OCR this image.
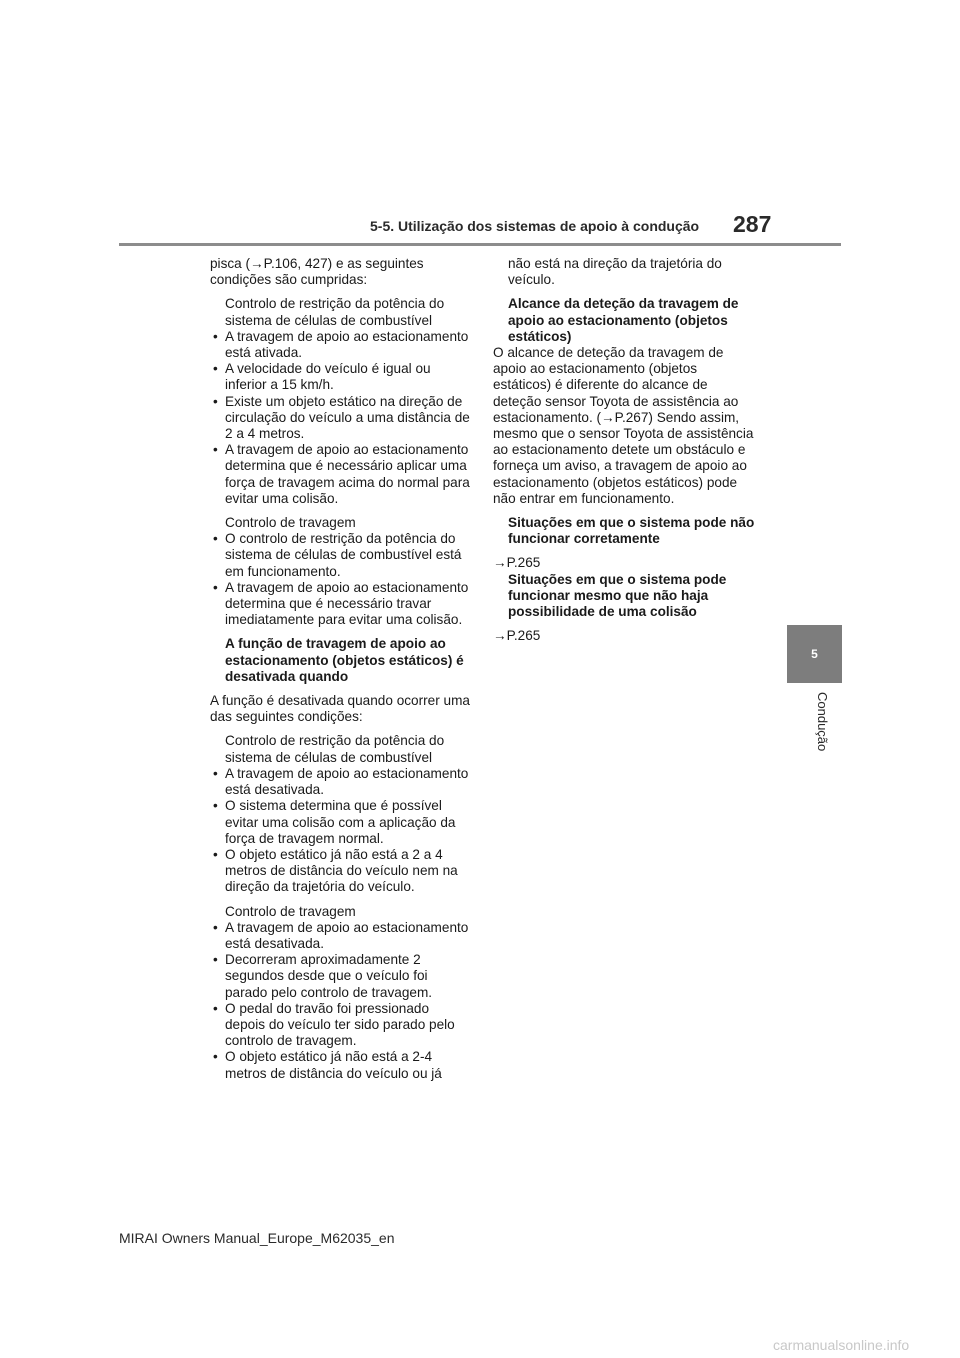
5-5. Utilização dos sistemas de apoio à condução 287
5
Condução

pisca (→P.106, 427) e as seguintes condições são cumpridas:

Controlo de restrição da potência do sistema de células de combustível

• A travagem de apoio ao estacionamento está ativada.
• A velocidade do veículo é igual ou inferior a 15 km/h.
• Existe um objeto estático na direção de circulação do veículo a uma distância de 2 a 4 metros.
• A travagem de apoio ao estacionamento determina que é necessário aplicar uma força de travagem acima do normal para evitar uma colisão.

Controlo de travagem

• O controlo de restrição da potência do sistema de células de combustível está em funcionamento.
• A travagem de apoio ao estacionamento determina que é necessário travar imediatamente para evitar uma colisão.

A função de travagem de apoio ao estacionamento (objetos estáticos) é desativada quando

A função é desativada quando ocorrer uma das seguintes condições:

Controlo de restrição da potência do sistema de células de combustível

• A travagem de apoio ao estacionamento está desativada.
• O sistema determina que é possível evitar uma colisão com a aplicação da força de travagem normal.
• O objeto estático já não está a 2 a 4 metros de distância do veículo nem na direção da trajetória do veículo.

Controlo de travagem

• A travagem de apoio ao estacionamento está desativada.
• Decorreram aproximadamente 2 segundos desde que o veículo foi parado pelo controlo de travagem.
• O pedal do travão foi pressionado depois do veículo ter sido parado pelo controlo de travagem.
• O objeto estático já não está a 2-4 metros de distância do veículo ou já

não está na direção da trajetória do veículo.

Alcance da deteção da travagem de apoio ao estacionamento (objetos estáticos)

O alcance de deteção da travagem de apoio ao estacionamento (objetos estáticos) é diferente do alcance de deteção sensor Toyota de assistência ao estacionamento. (→P.267) Sendo assim, mesmo que o sensor Toyota de assistência ao estacionamento detete um obstáculo e forneça um aviso, a travagem de apoio ao estacionamento (objetos estáticos) pode não entrar em funcionamento.

Situações em que o sistema pode não funcionar corretamente

→P.265

Situações em que o sistema pode funcionar mesmo que não haja possibilidade de uma colisão

→P.265

MIRAI Owners Manual_Europe_M62035_en
carmanualsonline.info
